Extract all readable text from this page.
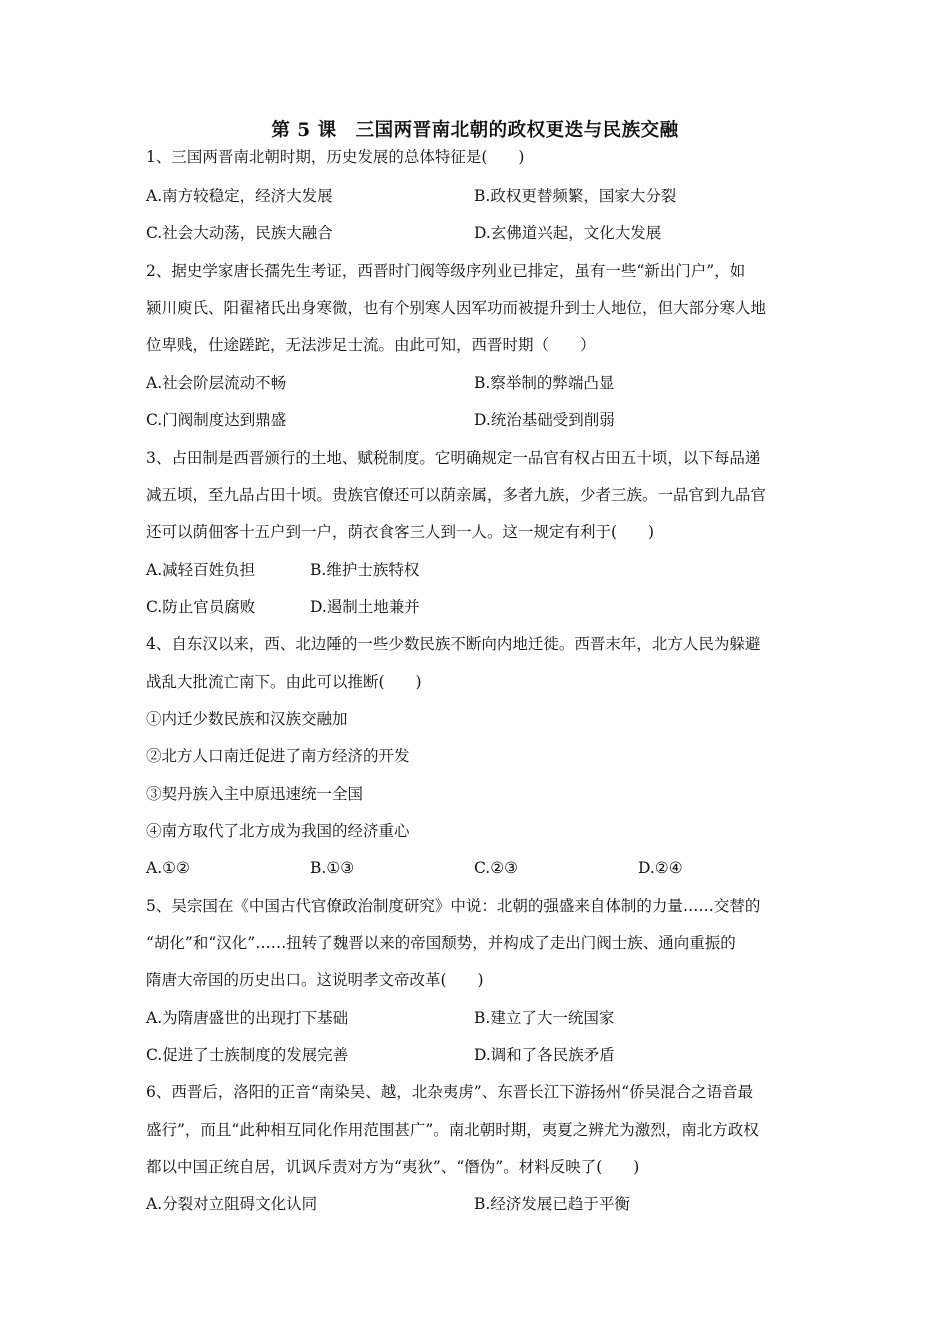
第 5 课　三国两晋南北朝的政权更迭与民族交融
1、三国两晋南北朝时期，历史发展的总体特征是(　　)
A.南方较稳定，经济大发展	B.政权更替频繁，国家大分裂
C.社会大动荡，民族大融合	D.玄佛道兴起，文化大发展
2、据史学家唐长孺先生考证，西晋时门阀等级序列业已排定，虽有一些“新出门户”，如
颍川庾氏、阳翟褚氏出身寒微，也有个别寒人因军功而被提升到士人地位，但大部分寒人地
位卑贱，仕途蹉跎，无法涉足士流。由此可知，西晋时期（　　）
A.社会阶层流动不畅	B.察举制的弊端凸显
C.门阀制度达到鼎盛	D.统治基础受到削弱
3、占田制是西晋颁行的土地、赋税制度。它明确规定一品官有权占田五十顷，以下每品递
减五顷，至九品占田十顷。贵族官僚还可以荫亲属，多者九族，少者三族。一品官到九品官
还可以荫佃客十五户到一户，荫衣食客三人到一人。这一规定有利于(　　)
A.减轻百姓负担	B.维护士族特权
C.防止官员腐败	D.遏制土地兼并
4、自东汉以来，西、北边陲的一些少数民族不断向内地迁徙。西晋末年，北方人民为躲避
战乱大批流亡南下。由此可以推断(　　)
①内迁少数民族和汉族交融加
②北方人口南迁促进了南方经济的开发
③契丹族入主中原迅速统一全国
④南方取代了北方成为我国的经济重心
A.①②	B.①③	C.②③	D.②④
5、吴宗国在《中国古代官僚政治制度研究》中说：北朝的强盛来自体制的力量……交替的
“胡化”和“汉化”……扭转了魏晋以来的帝国颓势，并构成了走出门阀士族、通向重振的
隋唐大帝国的历史出口。这说明孝文帝改革(　　)
A.为隋唐盛世的出现打下基础	B.建立了大一统国家
C.促进了士族制度的发展完善	D.调和了各民族矛盾
6、西晋后，洛阳的正音“南染吴、越，北杂夷虏”、东晋长江下游扬州“侨吴混合之语音最
盛行”，而且“此种相互同化作用范围甚广”。南北朝时期，夷夏之辨尤为激烈，南北方政权
都以中国正统自居，讥讽斥责对方为“夷狄”、“僭伪”。材料反映了(　　)
A.分裂对立阻碍文化认同	B.经济发展已趋于平衡
